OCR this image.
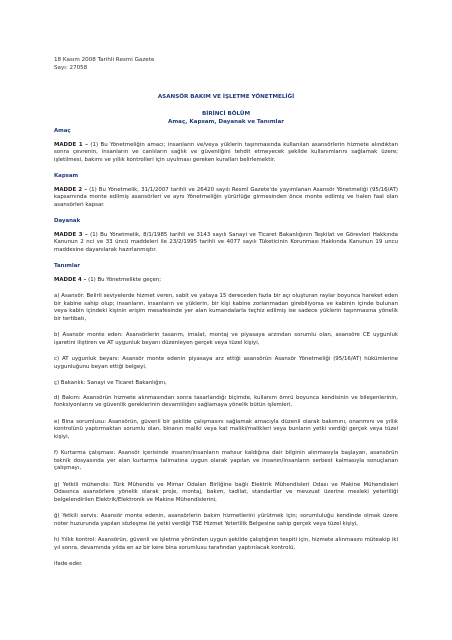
18 Kasım 2008 Tarihli Resmi Gazete
Sayı: 27058
ASANSÖR BAKIM VE İŞLETME YÖNETMELİĞİ
BİRİNCİ BÖLÜM
Amaç, Kapsam, Dayanak ve Tanımlar
Amaç

MADDE 1 – (1) Bu Yönetmeliğin amacı; insanların ve/veya yüklerin taşınmasında kullanılan asansörlerin hizmete alındıktan sonra çevrenin, insanların ve canlıların sağlık ve güvenliğini tehdit etmeyecek şekilde kullanımlarını sağlamak üzere; işletilmesi, bakımı ve yıllık kontrolleri için uyulması gereken kuralları belirlemektir.

Kapsam

MADDE 2 – (1) Bu Yönetmelik, 31/1/2007 tarihli ve 26420 sayılı Resmî Gazete'de yayımlanan Asansör Yönetmeliği (95/16/AT) kapsamında monte edilmiş asansörleri ve aynı Yönetmeliğin yürürlüğe girmesinden önce monte edilmiş ve halen faal olan asansörleri kapsar.

Dayanak

MADDE 3 – (1) Bu Yönetmelik, 8/1/1985 tarihli ve 3143 sayılı Sanayi ve Ticaret Bakanlığının Teşkilat ve Görevleri Hakkında Kanunun 2 nci ve 33 üncü maddeleri ile 23/2/1995 tarihli ve 4077 sayılı Tüketicinin Korunması Hakkında Kanunun 19 uncu maddesine dayanılarak hazırlanmıştır.

Tanımlar

MADDE 4 – (1) Bu Yönetmelikte geçen;

a) Asansör: Belirli seviyelerde hizmet veren, sabit ve yataya 15 dereceden fazla bir açı oluşturan raylar boyunca hareket eden bir kabine sahip olup; insanların, insanların ve yüklerin, bir kişi kabine zorlanmadan girebiliyorsa ve kabinin içinde bulunan veya kabin içindeki kişinin erişim mesafesinde yer alan kumandalarla teçhiz edilmiş ise sadece yüklerin taşınmasına yönelik bir tertibatı,

b) Asansör monte eden: Asansörlerin tasarım, imalat, montaj ve piyasaya arzından sorumlu olan, asansöre CE uygunluk işaretini iliştiren ve AT uygunluk beyanı düzenleyen gerçek veya tüzel kişiyi,

c) AT uygunluk beyanı: Asansör monte edenin piyasaya arz ettiği asansörün Asansör Yönetmeliği (95/16/AT) hükümlerine uygunluğunu beyan ettiği belgeyi,

ç) Bakanlık: Sanayi ve Ticaret Bakanlığını,

d) Bakım: Asansörün hizmete alınmasından sonra tasarlandığı biçimde, kullanım ömrü boyunca kendisinin ve bileşenlerinin, fonksiyonlarını ve güvenlik gereklerinin devamlılığını sağlamaya yönelik bütün işlemleri,

e) Bina sorumlusu: Asansörün, güvenli bir şekilde çalışmasını sağlamak amacıyla düzenli olarak bakımını, onarımını ve yıllık kontrolünü yaptırmaktan sorumlu olan, binanın maliki veya kat maliki/malikleri veya bunların yetki verdiği gerçek veya tüzel kişiyi,

f) Kurtarma çalışması: Asansör içerisinde insanın/insanların mahsur kaldığına dair bilginin alınmasıyla başlayan, asansörün teknik dosyasında yer alan kurtarma talimatına uygun olarak yapılan ve insanın/insanların serbest kalmasıyla sonuçlanan çalışmayı,

g) Yetkili mühendis: Türk Mühendis ve Mimar Odaları Birliğine bağlı Elektrik Mühendisleri Odası ve Makine Mühendisleri Odasınca asansörlere yönelik olarak proje, montaj, bakım, tadilat, standartlar ve mevzuat üzerine mesleki yeterliliği belgelendirilen Elektrik/Elektronik ve Makine Mühendislerini,

ğ) Yetkili servis: Asansör monte edenin, asansörlerin bakım hizmetlerini yürütmek için; sorumluluğu kendinde olmak üzere noter huzurunda yapılan sözleşme ile yetki verdiği TSE Hizmet Yeterlilik Belgesine sahip gerçek veya tüzel kişiyi,

h) Yıllık kontrol: Asansörün, güvenli ve işletme yönünden uygun şekilde çalıştığının tespiti için, hizmete alınmasını müteakip iki yıl sonra, devamında yılda en az bir kere bina sorumlusu tarafından yaptırılacak kontrolü,

ifade eder.
